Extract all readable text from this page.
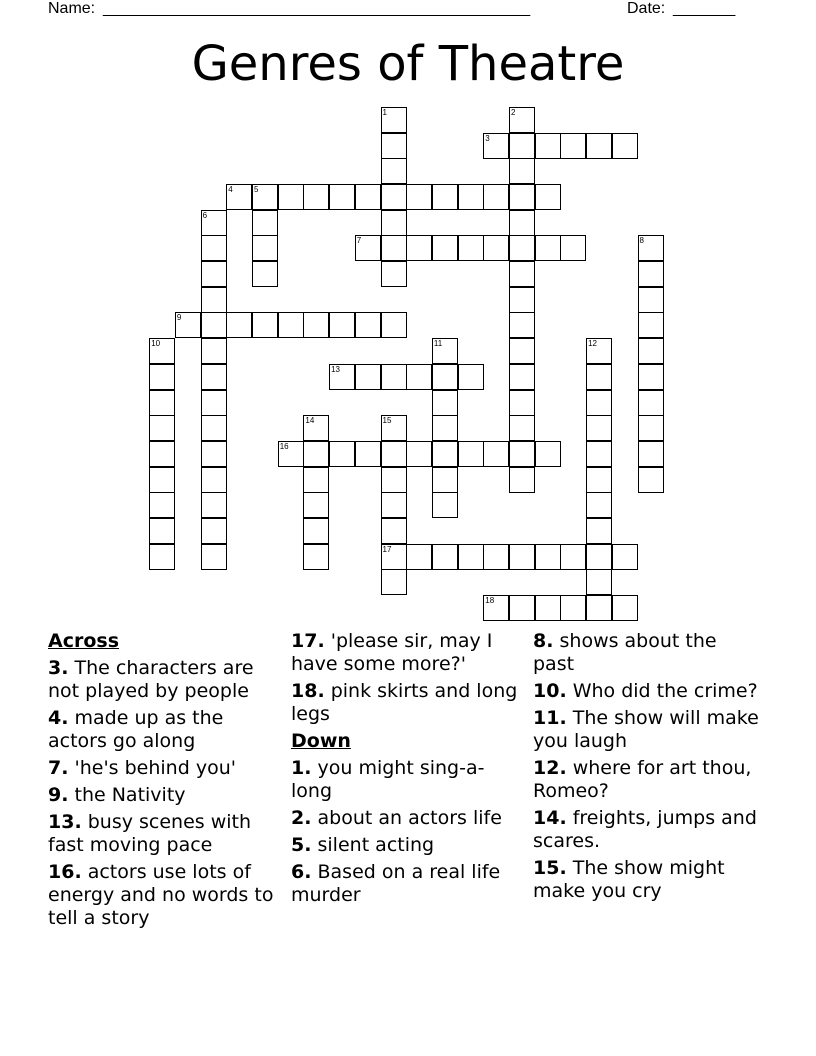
Name: ________________________________________________	Date: _______
Genres of Theatre
1	2
3
4	5
6
7	8
9
10	11	12
13
14	15
17
16
18
Across
3. The characters are not played by people
4. made up as the actors go along
7. 'he's behind you'
9. the Nativity
13. busy scenes with fast moving pace
16. actors use lots of energy and no words to tell a story
17. 'please sir, may I have some more?'
18. pink skirts and long legs
Down
1. you might sing-a-long
2. about an actors life
5. silent acting
6. Based on a real life murder
8. shows about the past
10. Who did the crime?
11. The show will make you laugh
12. where for art thou, Romeo?
14. freights, jumps and scares.
15. The show might make you cry
